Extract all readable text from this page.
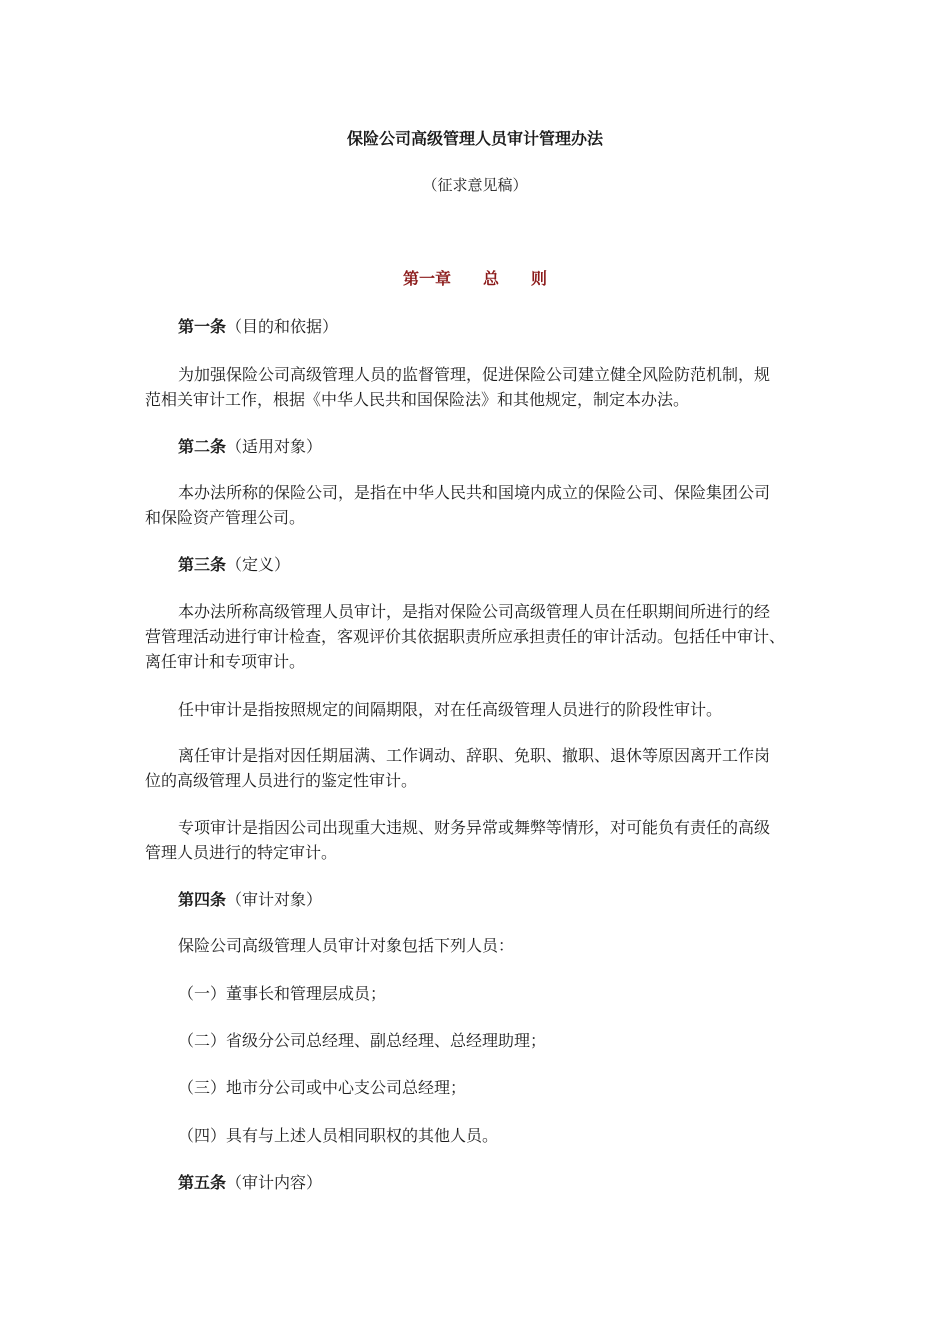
保险公司高级管理人员审计管理办法
（征求意见稿）
第一章 总 则
第一条（目的和依据）
为加强保险公司高级管理人员的监督管理，促进保险公司建立健全风险防范机制，规
范相关审计工作，根据《中华人民共和国保险法》和其他规定，制定本办法。
第二条（适用对象）
本办法所称的保险公司，是指在中华人民共和国境内成立的保险公司、保险集团公司
和保险资产管理公司。
第三条（定义）
本办法所称高级管理人员审计，是指对保险公司高级管理人员在任职期间所进行的经
营管理活动进行审计检查，客观评价其依据职责所应承担责任的审计活动。包括任中审计、
离任审计和专项审计。
任中审计是指按照规定的间隔期限，对在任高级管理人员进行的阶段性审计。
离任审计是指对因任期届满、工作调动、辞职、免职、撤职、退休等原因离开工作岗
位的高级管理人员进行的鉴定性审计。
专项审计是指因公司出现重大违规、财务异常或舞弊等情形，对可能负有责任的高级
管理人员进行的特定审计。
第四条（审计对象）
保险公司高级管理人员审计对象包括下列人员：
（一）董事长和管理层成员；
（二）省级分公司总经理、副总经理、总经理助理；
（三）地市分公司或中心支公司总经理；
（四）具有与上述人员相同职权的其他人员。
第五条（审计内容）
